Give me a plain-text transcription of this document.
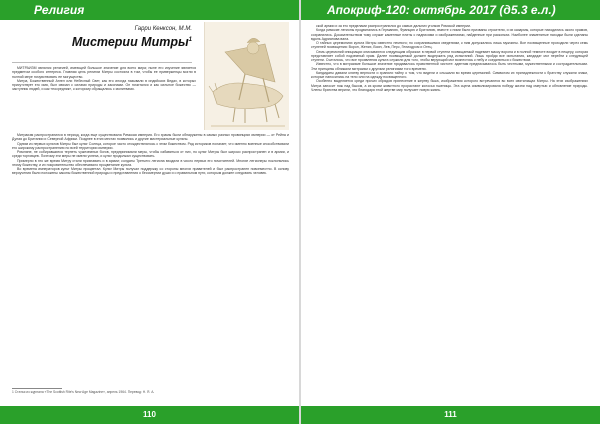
Религия
Гарри Кенксон, М.М.
Мистерии Митры$^1$

МИТРАИЗМ являлся религией, имеющей большое значение для всего мира; ныне его изучение является предметом особого интереса. Главная цель религии Митры состояла в том, чтобы ее приверженцы могли в полной мере почувствовать ее могущество.

Митра, Божественный Ангел или Небесный Свет, как его иногда называли в индийских Ведах, в которых присутствует его имя, был связан с силами природы и законами. Он почитался и как сильное божество — заступник людей, и как «посредник», к которому обращались с молитвами.

Митраизм распространился в период, когда еще существовала Римская империя. Его храмы были обнаружены в самых разных провинциях империи — от Рейна и Дуная до Британии и Северной Африки. Позднее в этих местах появились и другие мистериальные культы.

Одним из первых культов Митры был культ Солнца, которое часто отождествлялось с этим божеством. Ряд историков полагает, что именно военные способствовали его широкому распространению по всей территории империи.

Римляне, не собиравшиеся терпеть чужеземных богов, предпринимали меры, чтобы избавиться от них, но культ Митры был широко распространен и в армии, и среди торговцев. Поэтому эти меры не имели успеха, и культ продолжал существовать.

Примерно в это же время Митру стали признавать и в армии; солдаты Третьего легиона входили в число первых его почитателей. Многие легионеры поклонялись этому божеству, и их покровительство обеспечивало процветание культа.

Во времена императоров культ Митры процветал. Культ Митры получал поддержку со стороны многих правителей и был распространен повсеместно. В основу вероучения были положены законы божественной природы и представления о бессмертии души и о правильном пути, которым должен следовать человек.

1 Статья из журнала «The Scottish Rite's New Age Magazine», апрель 1964. Перевод: Н. Я. А.
110
Апокриф-120: октябрь 2017 (д5.3 е.л.)

ской армии и за его пределами распространился до самых дальних уголков Римской империи.

Когда римские легионы продвигались в Германию, Францию и Британию, вместе с ними были призваны строители, и их казармы, которые находились около храмов, сохранились. Доказательством тому служат каменные плиты с надписями и изображениями, найденные при раскопках. Наиболее знаменитые находки были сделаны вдоль Адрианова вала.

О тайных церемониях культа Митры известно немного; по сохранившимся сведениям, к ним допускались лишь мужчины. Все посвященные проходили через семь ступеней посвящения: Ворон, Жених, Воин, Лев, Перс, Гелиодром и Отец.

Семь церемоний инициации описываются следующим образом: в первой ступени посвящаемый надевает маску ворона и в полной темноте входит в пещеру, которая представляет собой подземный храм. Далее посвящаемый должен выдержать ряд испытаний. Лишь пройдя все испытания, кандидат мог перейти к следующей ступени. Считалось, что все проявления культа служили для того, чтобы верующий мог вознестись к небу и соединиться с божеством.

Известно, что в митраизме большое значение придавалось нравственной чистоте: адептам предписывалось быть честными, мужественными и сострадательными. Эти принципы сближали митраизм с другими религиями того времени.

Кандидаты давали клятву верности и хранили тайну о том, что видели и слышали во время церемоний. Символом их принадлежности к братству служили знаки, которые наносились на тело или на одежду посвященного.

Особенно выделяется среди прочих обрядов принесение в жертву быка, изображения которого встречаются во всех святилищах Митры. На этих изображениях Митра заносит нож над быком, а из крови животного прорастают колосья пшеницы. Эта сцена символизировала победу жизни над смертью и обновление природы. Члены братства верили, что благодаря этой жертве мир получает новую жизнь.

111
